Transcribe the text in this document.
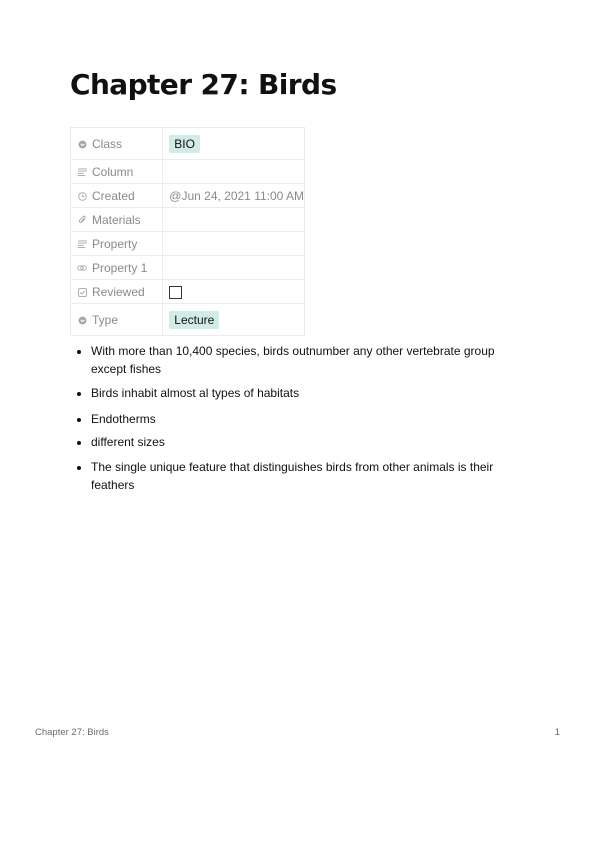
Chapter 27: Birds
Class	BIO

Column	

Created	@Jun 24, 2021 11:00 AM

Materials	

Property	

Property 1	

Reviewed	

Type	Lecture
With more than 10,400 species, birds outnumber any other vertebrate group except fishes
Birds inhabit almost al types of habitats
Endotherms
different sizes
The single unique feature that distinguishes birds from other animals is their feathers
Chapter 27: Birds	1
